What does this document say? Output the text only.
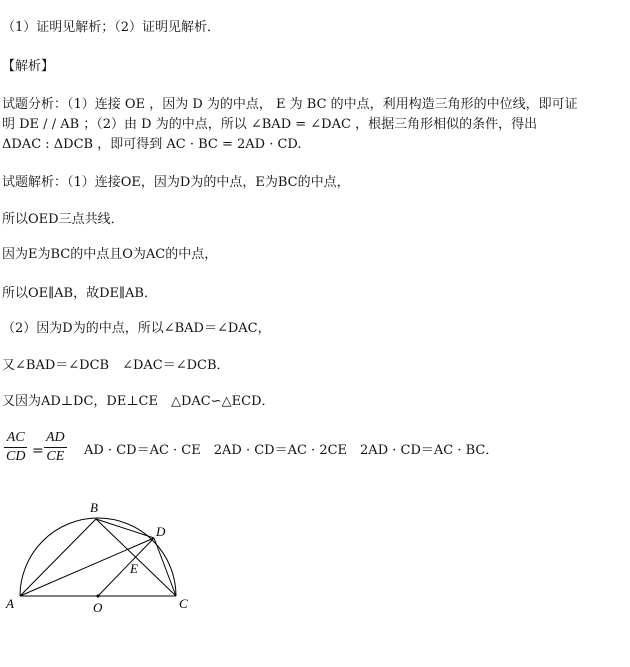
（1）证明见解析；（2）证明见解析．
【解析】
试题分析：（1）连接 OE ，因为 D 为的中点， E 为 BC 的中点，利用构造三角形的中位线，即可证
明 DE / / AB ；（2）由 D 为的中点，所以 ∠BAD = ∠DAC ，根据三角形相似的条件，得出
ΔDAC : ΔDCB ，即可得到 AC · BC = 2AD · CD.
试题解析：（1）连接OE，因为D为的中点，E为BC的中点，
所以OED三点共线．
因为E为BC的中点且O为AC的中点，
所以OE∥AB，故DE∥AB．
（2）因为D为的中点，所以∠BAD＝∠DAC，
又∠BAD＝∠DCB　∠DAC＝∠DCB．
又因为AD⊥DC，DE⊥CE　△DAC∽△ECD．
AC
CD =
AD
CE AD · CD＝AC · CE　2AD · CD＝AC · 2CE　2AD · CD＝AC · BC．
A
B
C
D
E
O
